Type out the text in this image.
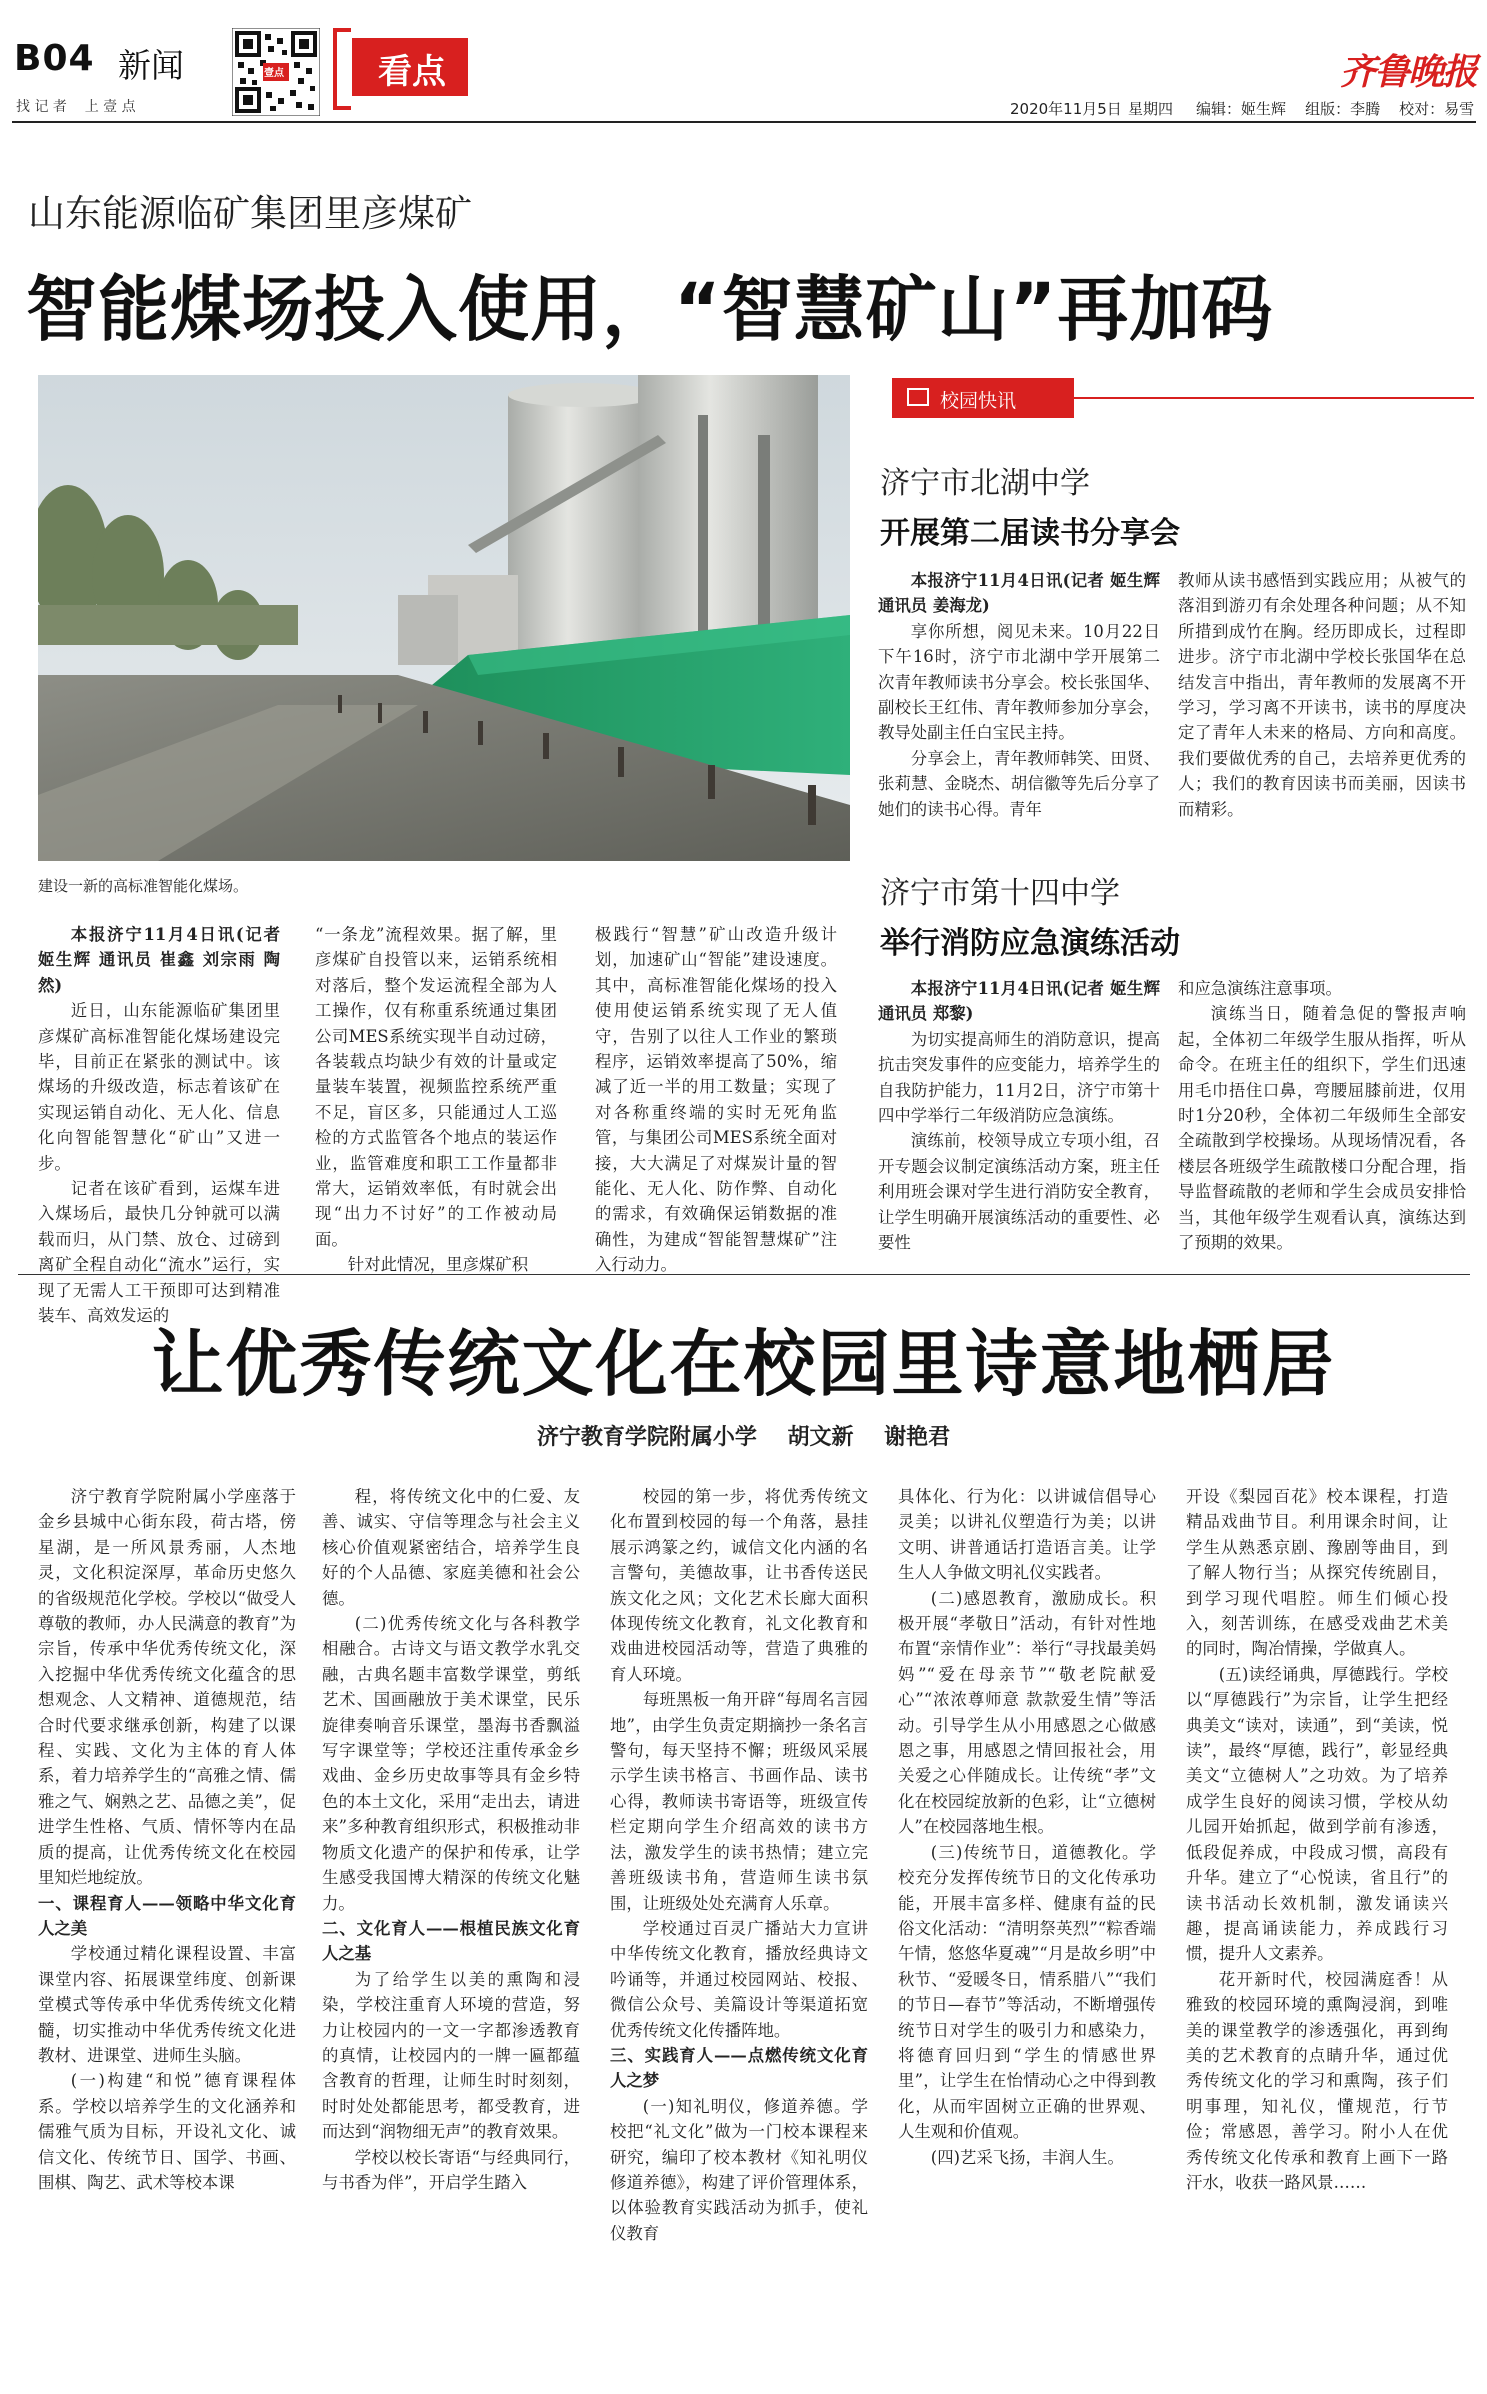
B04 新闻
找 记 者    上 壹 点
壹点	看点	齐鲁晚报
2020年11月5日 星期四 编辑：姬生辉    组版：李腾    校对：易雪
山东能源临矿集团里彦煤矿
智能煤场投入使用，“智慧矿山”再加码
建设一新的高标准智能化煤场。

本报济宁11月4日讯(记者 姬生辉 通讯员 崔鑫 刘宗雨 陶然)

近日，山东能源临矿集团里彦煤矿高标准智能化煤场建设完毕，目前正在紧张的测试中。该煤场的升级改造，标志着该矿在实现运销自动化、无人化、信息化向智能智慧化“矿山”又进一步。

记者在该矿看到，运煤车进入煤场后，最快几分钟就可以满载而归，从门禁、放仓、过磅到离矿全程自动化“流水”运行，实现了无需人工干预即可达到精准装车、高效发运的

“一条龙”流程效果。据了解，里彦煤矿自投管以来，运销系统相对落后，整个发运流程全部为人工操作，仅有称重系统通过集团公司MES系统实现半自动过磅，各装载点均缺少有效的计量或定量装车装置，视频监控系统严重不足，盲区多，只能通过人工巡检的方式监管各个地点的装运作业，监管难度和职工工作量都非常大，运销效率低，有时就会出现“出力不讨好”的工作被动局面。

针对此情况，里彦煤矿积

极践行“智慧”矿山改造升级计划，加速矿山“智能”建设速度。其中，高标准智能化煤场的投入使用使运销系统实现了无人值守，告别了以往人工作业的繁琐程序，运销效率提高了50%，缩减了近一半的用工数量；实现了对各称重终端的实时无死角监管，与集团公司MES系统全面对接，大大满足了对煤炭计量的智能化、无人化、防作弊、自动化的需求，有效确保运销数据的准确性，为建成“智能智慧煤矿”注入行动力。

校园快讯
济宁市北湖中学
开展第二届读书分享会

本报济宁11月4日讯(记者 姬生辉 通讯员 姜海龙)

享你所想，阅见未来。10月22日下午16时，济宁市北湖中学开展第二次青年教师读书分享会。校长张国华、副校长王红伟、青年教师参加分享会，教导处副主任白宝民主持。

分享会上，青年教师韩笑、田贤、张莉慧、金晓杰、胡信徽等先后分享了她们的读书心得。青年

教师从读书感悟到实践应用；从被气的落泪到游刃有余处理各种问题；从不知所措到成竹在胸。经历即成长，过程即进步。济宁市北湖中学校长张国华在总结发言中指出，青年教师的发展离不开学习，学习离不开读书，读书的厚度决定了青年人未来的格局、方向和高度。我们要做优秀的自己，去培养更优秀的人；我们的教育因读书而美丽，因读书而精彩。

济宁市第十四中学
举行消防应急演练活动

本报济宁11月4日讯(记者 姬生辉 通讯员 郑黎)

为切实提高师生的消防意识，提高抗击突发事件的应变能力，培养学生的自我防护能力，11月2日，济宁市第十四中学举行二年级消防应急演练。

演练前，校领导成立专项小组，召开专题会议制定演练活动方案，班主任利用班会课对学生进行消防安全教育，让学生明确开展演练活动的重要性、必要性

和应急演练注意事项。

演练当日，随着急促的警报声响起，全体初二年级学生服从指挥，听从命令。在班主任的组织下，学生们迅速用毛巾捂住口鼻，弯腰屈膝前进，仅用时1分20秒，全体初二年级师生全部安全疏散到学校操场。从现场情况看，各楼层各班级学生疏散楼口分配合理，指导监督疏散的老师和学生会成员安排恰当，其他年级学生观看认真，演练达到了预期的效果。

让优秀传统文化在校园里诗意地栖居
济宁教育学院附属小学    胡文新    谢艳君

济宁教育学院附属小学座落于金乡县城中心街东段，荷古塔，傍星湖，是一所风景秀丽，人杰地灵，文化积淀深厚，革命历史悠久的省级规范化学校。学校以“做受人尊敬的教师，办人民满意的教育”为宗旨，传承中华优秀传统文化，深入挖掘中华优秀传统文化蕴含的思想观念、人文精神、道德规范，结合时代要求继承创新，构建了以课程、实践、文化为主体的育人体系，着力培养学生的“高雅之情、儒雅之气、娴熟之艺、品德之美”，促进学生性格、气质、情怀等内在品质的提高，让优秀传统文化在校园里知烂地绽放。

一、课程育人——领略中华文化育人之美

学校通过精化课程设置、丰富课堂内容、拓展课堂纬度、创新课堂模式等传承中华优秀传统文化精髓，切实推动中华优秀传统文化进教材、进课堂、进师生头脑。

(一)构建“和悦”德育课程体系。学校以培养学生的文化涵养和儒雅气质为目标，开设礼文化、诚信文化、传统节日、国学、书画、围棋、陶艺、武术等校本课

程，将传统文化中的仁爱、友善、诚实、守信等理念与社会主义核心价值观紧密结合，培养学生良好的个人品德、家庭美德和社会公德。

(二)优秀传统文化与各科教学相融合。古诗文与语文教学水乳交融，古典名题丰富数学课堂，剪纸艺术、国画融放于美术课堂，民乐旋律奏响音乐课堂，墨海书香飘溢写字课堂等；学校还注重传承金乡戏曲、金乡历史故事等具有金乡特色的本土文化，采用“走出去，请进来”多种教育组织形式，积极推动非物质文化遗产的保护和传承，让学生感受我国博大精深的传统文化魅力。

二、文化育人——根植民族文化育人之基

为了给学生以美的熏陶和浸染，学校注重育人环境的营造，努力让校园内的一文一字都渗透教育的真情，让校园内的一牌一匾都蕴含教育的哲理，让师生时时刻刻，时时处处都能思考，都受教育，进而达到“润物细无声”的教育效果。

学校以校长寄语“与经典同行，与书香为伴”，开启学生踏入

校园的第一步，将优秀传统文化布置到校园的每一个角落，悬挂展示鸿篆之约，诚信文化内涵的名言警句，美德故事，让书香传送民族文化之风；文化艺术长廊大面积体现传统文化教育，礼文化教育和戏曲进校园活动等，营造了典雅的育人环境。

每班黑板一角开辟“每周名言园地”，由学生负责定期摘抄一条名言警句，每天坚持不懈；班级风采展示学生读书格言、书画作品、读书心得，教师读书寄语等，班级宣传栏定期向学生介绍高效的读书方法，激发学生的读书热情；建立完善班级读书角，营造师生读书氛围，让班级处处充满育人乐章。

学校通过百灵广播站大力宣讲中华传统文化教育，播放经典诗文吟诵等，并通过校园网站、校报、微信公众号、美篇设计等渠道拓宽优秀传统文化传播阵地。

三、实践育人——点燃传统文化育人之梦

(一)知礼明仪，修道养德。学校把“礼文化”做为一门校本课程来研究，编印了校本教材《知礼明仪 修道养德》，构建了评价管理体系，以体验教育实践活动为抓手，使礼仪教育

具体化、行为化：以讲诚信倡导心灵美；以讲礼仪塑造行为美；以讲文明、讲普通话打造语言美。让学生人人争做文明礼仪实践者。

(二)感恩教育，激励成长。积极开展“孝敬日”活动，有针对性地布置“亲情作业”：举行“寻找最美妈妈”“爱在母亲节”“敬老院献爱心”“浓浓尊师意 款款爱生情”等活动。引导学生从小用感恩之心做感恩之事，用感恩之情回报社会，用关爱之心伴随成长。让传统“孝”文化在校园绽放新的色彩，让“立德树人”在校园落地生根。

(三)传统节日，道德教化。学校充分发挥传统节日的文化传承功能，开展丰富多样、健康有益的民俗文化活动：“清明祭英烈”“粽香端午情，悠悠华夏魂”“月是故乡明”中秋节、“爱暖冬日，情系腊八”“我们的节日—春节”等活动，不断增强传统节日对学生的吸引力和感染力，将德育回归到“学生的情感世界里”，让学生在怡情动心之中得到教化，从而牢固树立正确的世界观、人生观和价值观。

(四)艺采飞扬，丰润人生。

开设《梨园百花》校本课程，打造精品戏曲节目。利用课余时间，让学生从熟悉京剧、豫剧等曲目，到了解人物行当；从探究传统剧目，到学习现代唱腔。师生们倾心投入，刻苦训练，在感受戏曲艺术美的同时，陶冶情操，学做真人。

(五)读经诵典，厚德践行。学校以“厚德践行”为宗旨，让学生把经典美文“读对，读通”，到“美读，悦读”，最终“厚德，践行”，彰显经典美文“立德树人”之功效。为了培养成学生良好的阅读习惯，学校从幼儿园开始抓起，做到学前有渗透，低段促养成，中段成习惯，高段有升华。建立了“心悦读，省且行”的读书活动长效机制，激发诵读兴趣，提高诵读能力，养成践行习惯，提升人文素养。

花开新时代，校园满庭香！从雅致的校园环境的熏陶浸润，到唯美的课堂教学的渗透强化，再到绚美的艺术教育的点睛升华，通过优秀传统文化的学习和熏陶，孩子们明事理，知礼仪，懂规范，行节俭；常感恩，善学习。附小人在优秀传统文化传承和教育上画下一路汗水，收获一路风景……
